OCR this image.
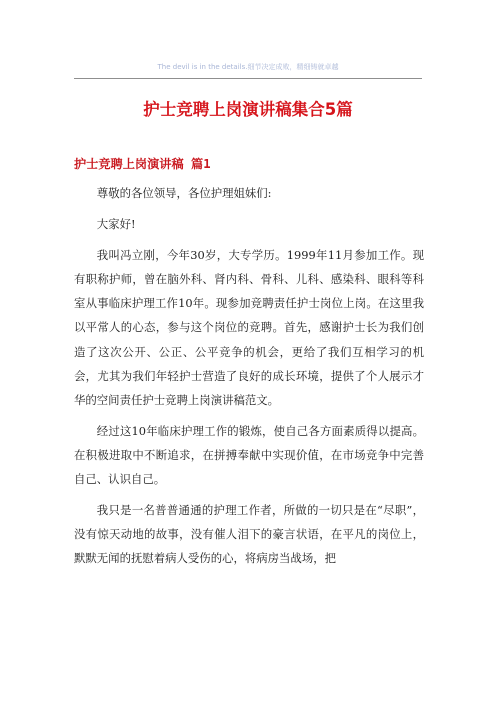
The devil is in the details.细节决定成败，精细铸就卓越
护士竞聘上岗演讲稿集合5篇
护士竞聘上岗演讲稿 篇1

尊敬的各位领导，各位护理姐妹们:

大家好!

我叫冯立刚，今年30岁，大专学历。1999年11月参加工作。现有职称护师，曾在脑外科、肾内科、骨科、儿科、感染科、眼科等科室从事临床护理工作10年。现参加竞聘责任护士岗位上岗。在这里我以平常人的心态，参与这个岗位的竞聘。首先，感谢护士长为我们创造了这次公开、公正、公平竞争的机会，更给了我们互相学习的机会，尤其为我们年轻护士营造了良好的成长环境，提供了个人展示才华的空间责任护士竞聘上岗演讲稿范文。

经过这10年临床护理工作的锻炼，使自己各方面素质得以提高。在积极进取中不断追求，在拼搏奉献中实现价值，在市场竞争中完善自己、认识自己。

我只是一名普普通通的护理工作者，所做的一切只是在“尽职”，没有惊天动地的故事，没有催人泪下的豪言状语，在平凡的岗位上，默默无闻的抚慰着病人受伤的心，将病房当战场，把
